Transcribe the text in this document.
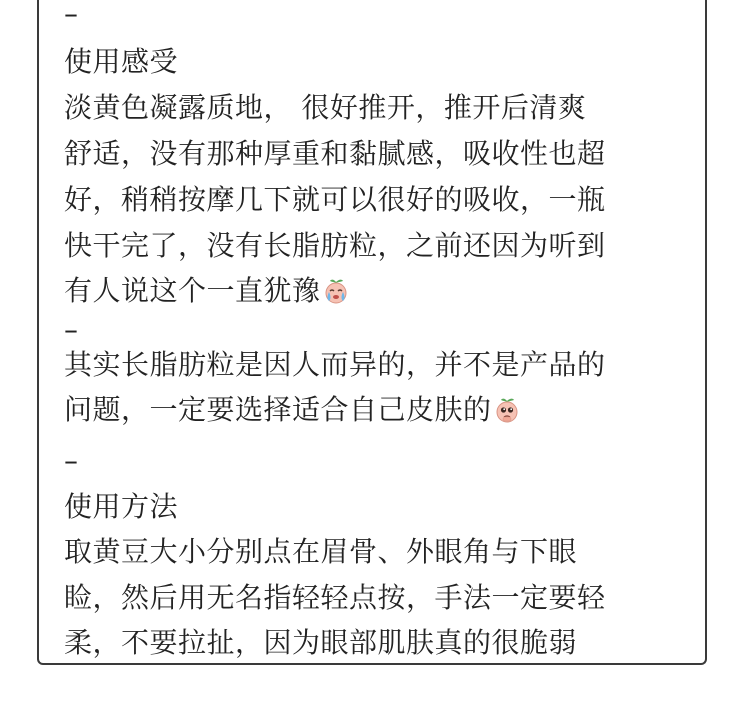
–
使用感受
淡黄色凝露质地， 很好推开，推开后清爽
舒适，没有那种厚重和黏腻感，吸收性也超
好，稍稍按摩几下就可以很好的吸收，一瓶
快干完了，没有长脂肪粒，之前还因为听到
有人说这个一直犹豫
–
其实长脂肪粒是因人而异的，并不是产品的
问题，一定要选择适合自己皮肤的
–
使用方法
取黄豆大小分别点在眉骨、外眼角与下眼
睑，然后用无名指轻轻点按，手法一定要轻
柔，不要拉扯，因为眼部肌肤真的很脆弱
